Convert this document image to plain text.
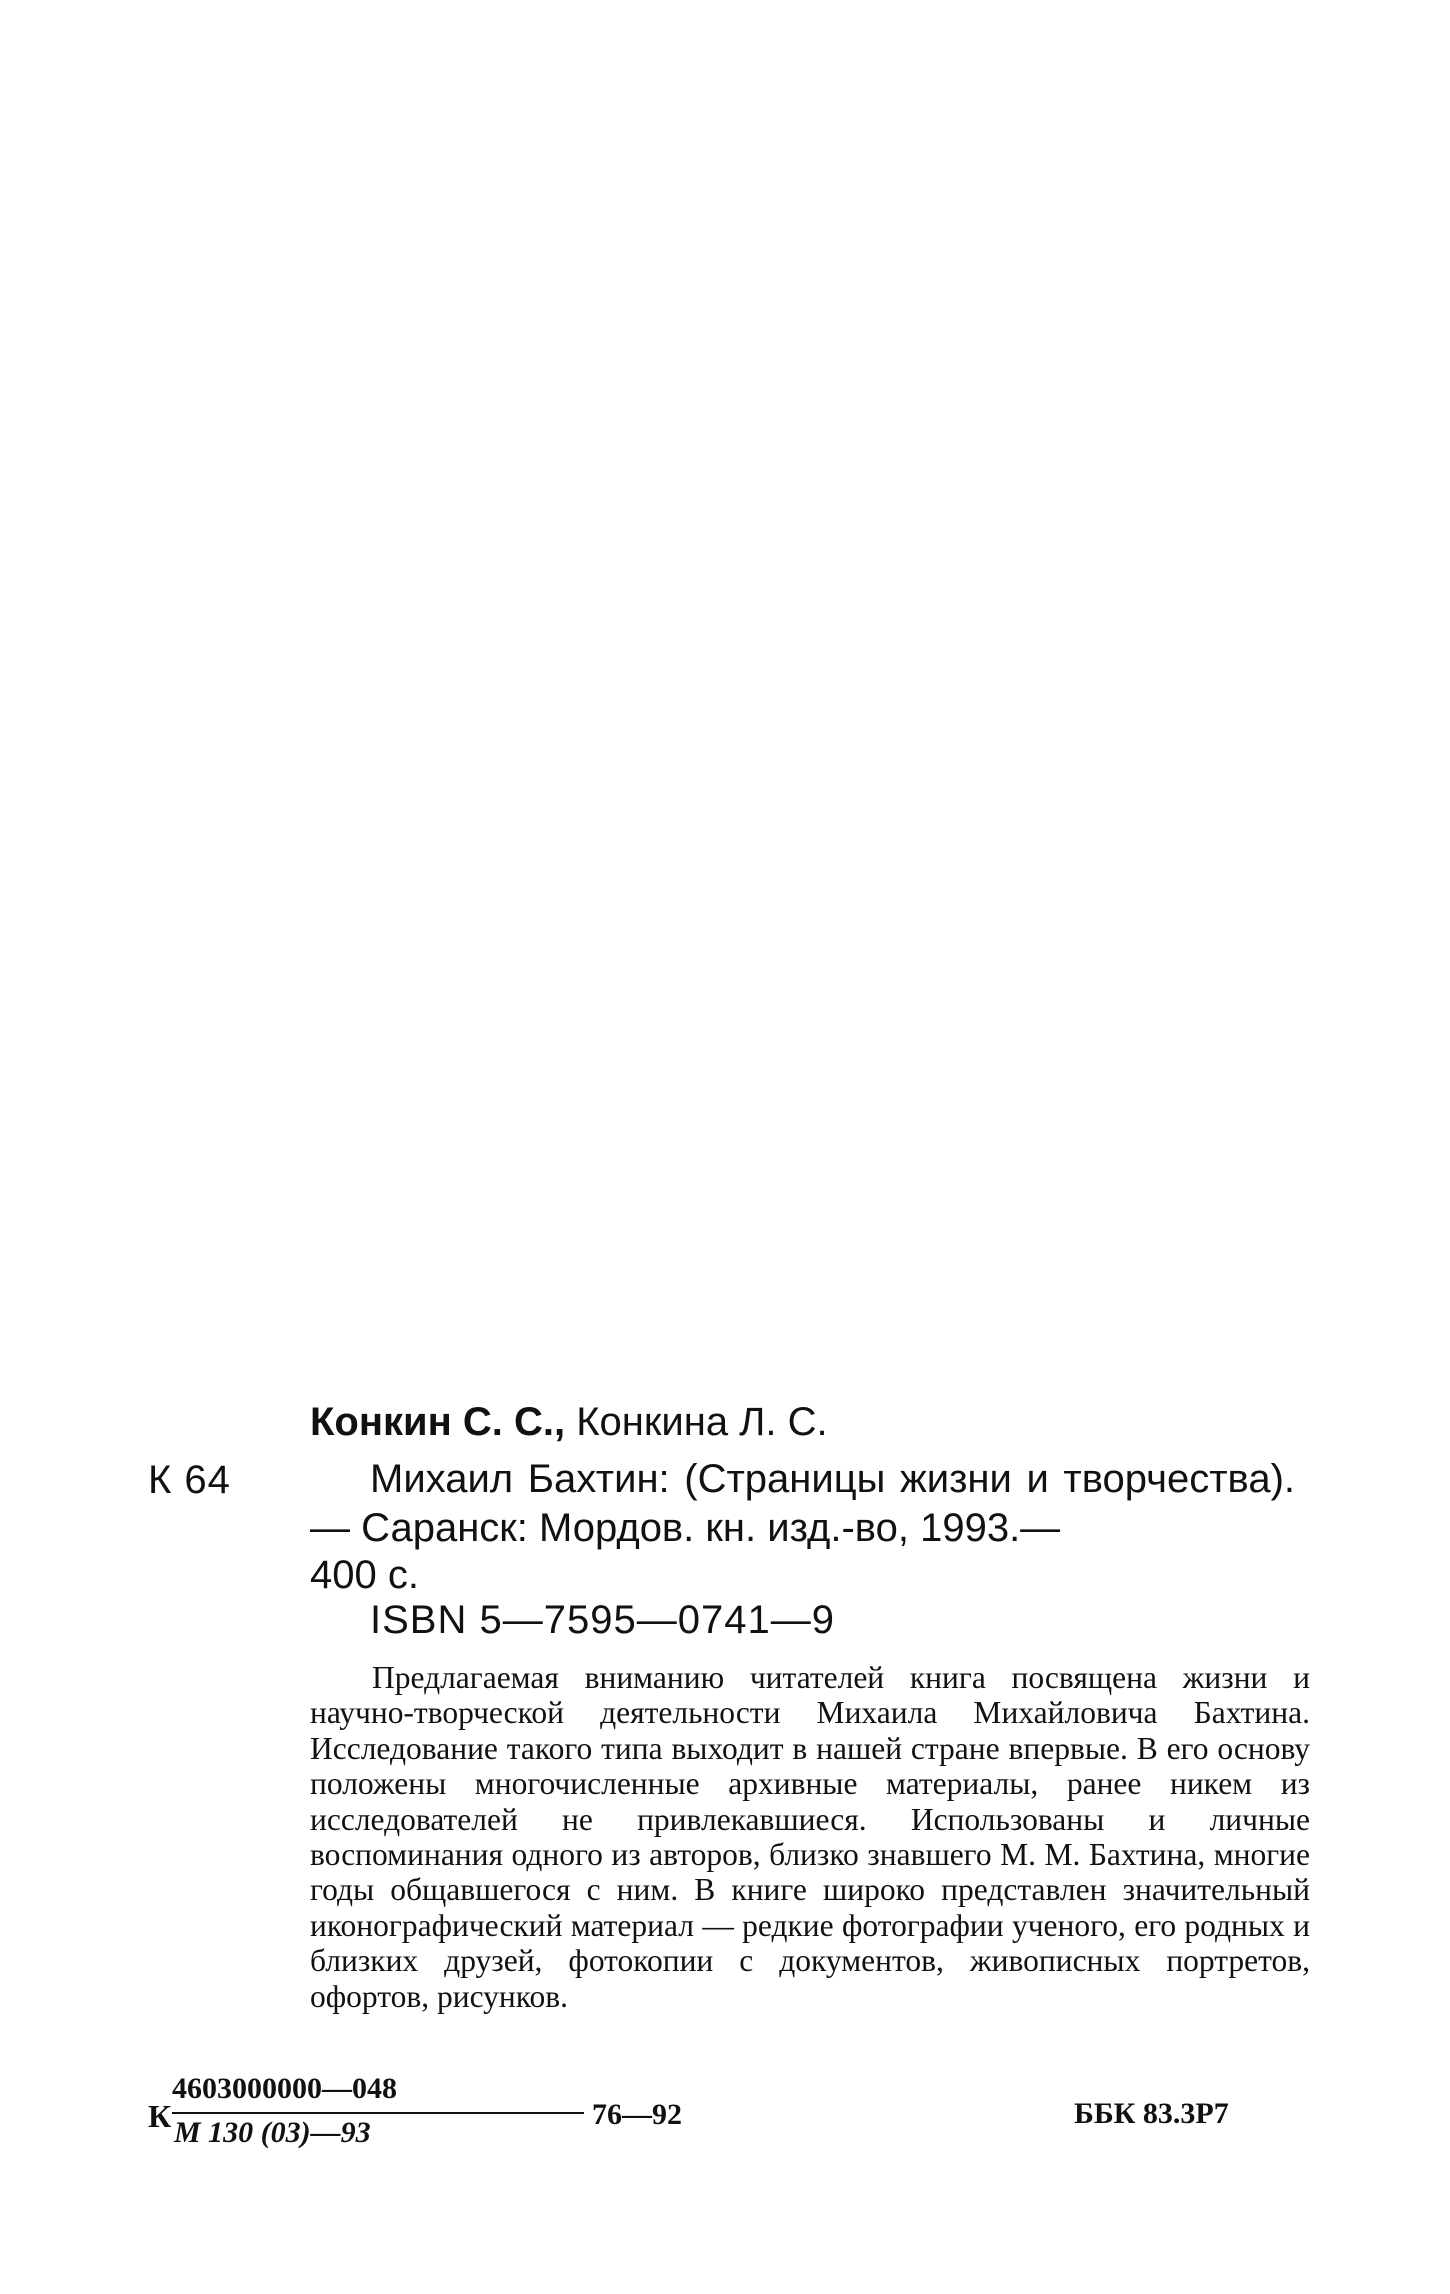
К 64
Конкин С. С., Конкина Л. С.
Михаил Бахтин: (Страницы жизни и творчества).— Саранск: Мордов. кн. изд.-во, 1993.—
400 с.
ISBN 5—7595—0741—9
Предлагаемая вниманию читателей книга посвящена жизни и научно-творческой деятельности Михаила Михайловича Бахтина. Исследование такого типа выходит в нашей стране впервые. В его основу положены многочисленные архивные материалы, ранее никем из исследователей не привлекавшиеся. Использованы и личные воспоминания одного из авторов, близко знавшего М. М. Бахтина, многие годы общавшегося с ним. В книге широко представлен значительный иконографический материал — редкие фотографии ученого, его родных и близких друзей, фотокопии с документов, живописных портретов, офортов, рисунков.
К
4603000000—048
М 130 (03)—93
76—92	ББК 83.3Р7
